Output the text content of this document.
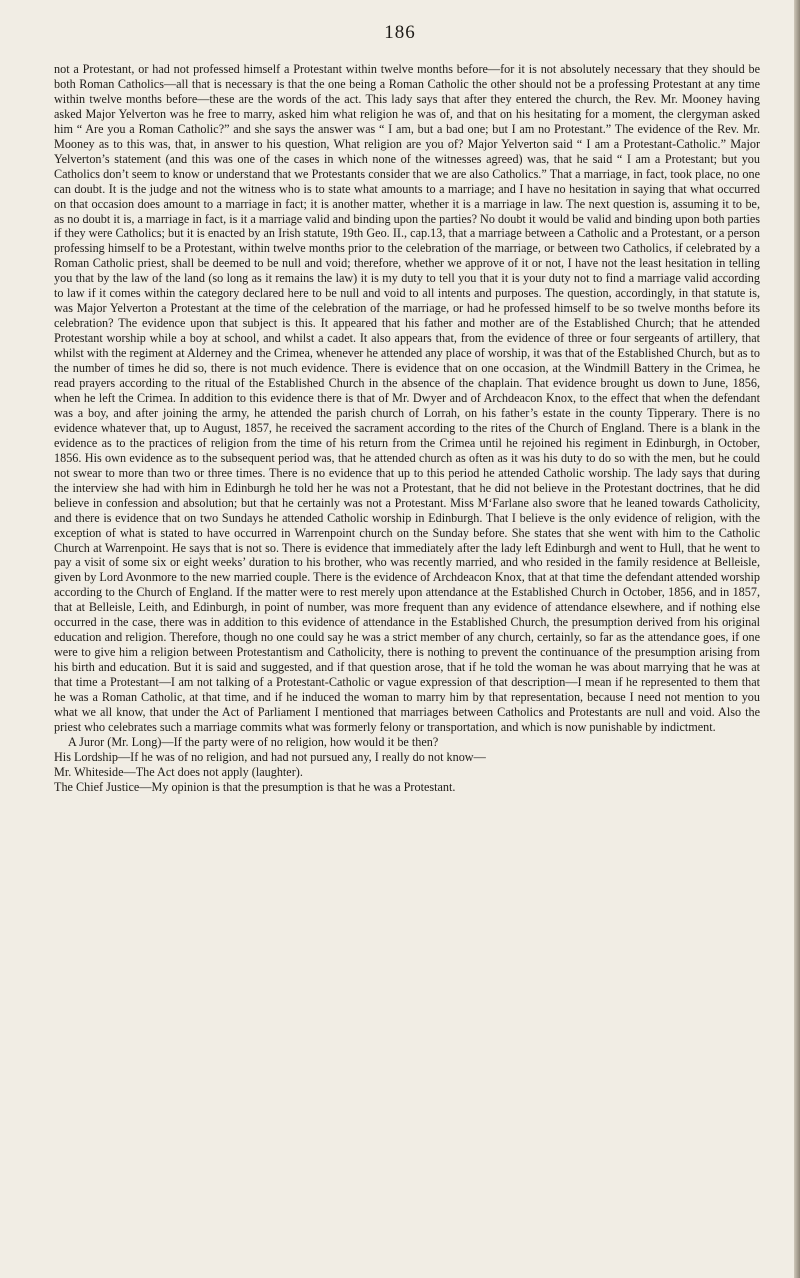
186

not a Protestant, or had not professed himself a Protestant within twelve months before—for it is not absolutely necessary that they should be both Roman Catholics—all that is necessary is that the one being a Roman Catholic the other should not be a professing Protestant at any time within twelve months before—these are the words of the act. This lady says that after they entered the church, the Rev. Mr. Mooney having asked Major Yelverton was he free to marry, asked him what religion he was of, and that on his hesitating for a moment, the clergyman asked him “ Are you a Roman Catholic?” and she says the answer was “ I am, but a bad one; but I am no Protestant.” The evidence of the Rev. Mr. Mooney as to this was, that, in answer to his question, What religion are you of? Major Yelverton said “ I am a Protestant-Catholic.” Major Yelverton’s statement (and this was one of the cases in which none of the witnesses agreed) was, that he said “ I am a Protestant; but you Catholics don’t seem to know or understand that we Protestants consider that we are also Catholics.” That a marriage, in fact, took place, no one can doubt. It is the judge and not the witness who is to state what amounts to a marriage; and I have no hesitation in saying that what occurred on that occasion does amount to a marriage in fact; it is another matter, whether it is a marriage in law. The next question is, assuming it to be, as no doubt it is, a marriage in fact, is it a marriage valid and binding upon the parties? No doubt it would be valid and binding upon both parties if they were Catholics; but it is enacted by an Irish statute, 19th Geo. II., cap.13, that a marriage between a Catholic and a Protestant, or a person professing himself to be a Protestant, within twelve months prior to the celebration of the marriage, or between two Catholics, if celebrated by a Roman Catholic priest, shall be deemed to be null and void; therefore, whether we approve of it or not, I have not the least hesitation in telling you that by the law of the land (so long as it remains the law) it is my duty to tell you that it is your duty not to find a marriage valid according to law if it comes within the category declared here to be null and void to all intents and purposes. The question, accordingly, in that statute is, was Major Yelverton a Protestant at the time of the celebration of the marriage, or had he professed himself to be so twelve months before its celebration? The evidence upon that subject is this. It appeared that his father and mother are of the Established Church; that he attended Protestant worship while a boy at school, and whilst a cadet. It also appears that, from the evidence of three or four sergeants of artillery, that whilst with the regiment at Alderney and the Crimea, whenever he attended any place of worship, it was that of the Established Church, but as to the number of times he did so, there is not much evidence. There is evidence that on one occasion, at the Windmill Battery in the Crimea, he read prayers according to the ritual of the Established Church in the absence of the chaplain. That evidence brought us down to June, 1856, when he left the Crimea. In addition to this evidence there is that of Mr. Dwyer and of Archdeacon Knox, to the effect that when the defendant was a boy, and after joining the army, he attended the parish church of Lorrah, on his father’s estate in the county Tipperary. There is no evidence whatever that, up to August, 1857, he received the sacrament according to the rites of the Church of England. There is a blank in the evidence as to the practices of religion from the time of his return from the Crimea until he rejoined his regiment in Edinburgh, in October, 1856. His own evidence as to the subsequent period was, that he attended church as often as it was his duty to do so with the men, but he could not swear to more than two or three times. There is no evidence that up to this period he attended Catholic worship. The lady says that during the interview she had with him in Edinburgh he told her he was not a Protestant, that he did not believe in the Protestant doctrines, that he did believe in confession and absolution; but that he certainly was not a Protestant. Miss M‘Farlane also swore that he leaned towards Catholicity, and there is evidence that on two Sundays he attended Catholic worship in Edinburgh. That I believe is the only evidence of religion, with the exception of what is stated to have occurred in Warrenpoint church on the Sunday before. She states that she went with him to the Catholic Church at Warrenpoint. He says that is not so. There is evidence that immediately after the lady left Edinburgh and went to Hull, that he went to pay a visit of some six or eight weeks’ duration to his brother, who was recently married, and who resided in the family residence at Belleisle, given by Lord Avonmore to the new married couple. There is the evidence of Archdeacon Knox, that at that time the defendant attended worship according to the Church of England. If the matter were to rest merely upon attendance at the Established Church in October, 1856, and in 1857, that at Belleisle, Leith, and Edinburgh, in point of number, was more frequent than any evidence of attendance elsewhere, and if nothing else occurred in the case, there was in addition to this evidence of attendance in the Established Church, the presumption derived from his original education and religion. Therefore, though no one could say he was a strict member of any church, certainly, so far as the attendance goes, if one were to give him a religion between Protestantism and Catholicity, there is nothing to prevent the continuance of the presumption arising from his birth and education. But it is said and suggested, and if that question arose, that if he told the woman he was about marrying that he was at that time a Protestant—I am not talking of a Protestant-Catholic or vague expression of that description—I mean if he represented to them that he was a Roman Catholic, at that time, and if he induced the woman to marry him by that representation, because I need not mention to you what we all know, that under the Act of Parliament I mentioned that marriages between Catholics and Protestants are null and void. Also the priest who celebrates such a marriage commits what was formerly felony or transportation, and which is now punishable by indictment.

A Juror (Mr. Long)—If the party were of no religion, how would it be then?

His Lordship—If he was of no religion, and had not pursued any, I really do not know—

Mr. Whiteside—The Act does not apply (laughter).

The Chief Justice—My opinion is that the presumption is that he was a Protestant.
